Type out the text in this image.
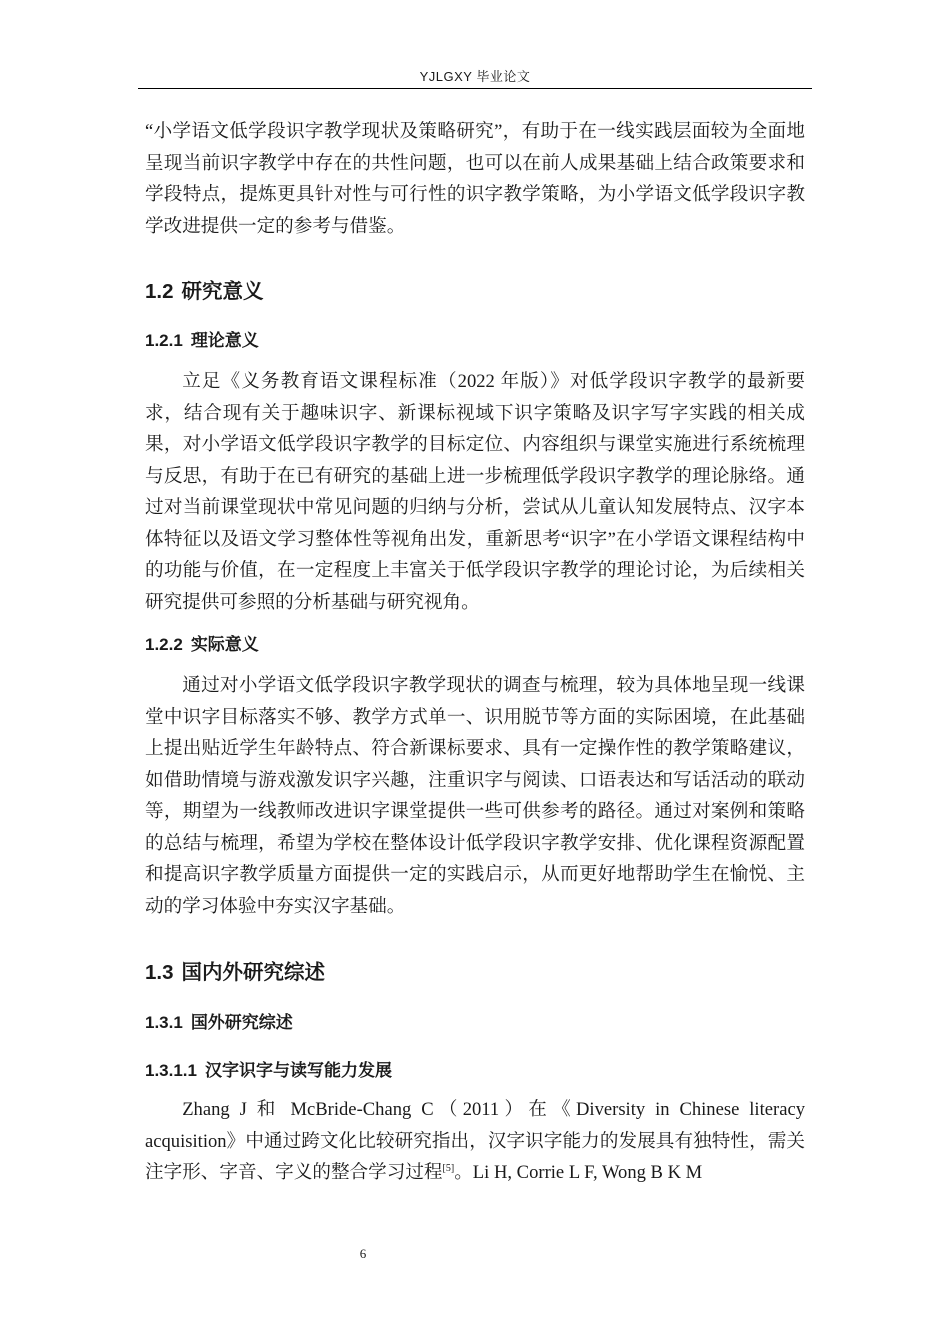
YJLGXY 毕业论文

“小学语文低学段识字教学现状及策略研究”，有助于在一线实践层面较为全面地呈现当前识字教学中存在的共性问题，也可以在前人成果基础上结合政策要求和学段特点，提炼更具针对性与可行性的识字教学策略，为小学语文低学段识字教学改进提供一定的参考与借鉴。

1.2 研究意义
1.2.1 理论意义

立足《义务教育语文课程标准（2022 年版）》对低学段识字教学的最新要求，结合现有关于趣味识字、新课标视域下识字策略及识字写字实践的相关成果，对小学语文低学段识字教学的目标定位、内容组织与课堂实施进行系统梳理与反思，有助于在已有研究的基础上进一步梳理低学段识字教学的理论脉络。通过对当前课堂现状中常见问题的归纳与分析，尝试从儿童认知发展特点、汉字本体特征以及语文学习整体性等视角出发，重新思考“识字”在小学语文课程结构中的功能与价值，在一定程度上丰富关于低学段识字教学的理论讨论，为后续相关研究提供可参照的分析基础与研究视角。

1.2.2 实际意义

通过对小学语文低学段识字教学现状的调查与梳理，较为具体地呈现一线课堂中识字目标落实不够、教学方式单一、识用脱节等方面的实际困境，在此基础上提出贴近学生年龄特点、符合新课标要求、具有一定操作性的教学策略建议，如借助情境与游戏激发识字兴趣，注重识字与阅读、口语表达和写话活动的联动等，期望为一线教师改进识字课堂提供一些可供参考的路径。通过对案例和策略的总结与梳理，希望为学校在整体设计低学段识字教学安排、优化课程资源配置和提高识字教学质量方面提供一定的实践启示，从而更好地帮助学生在愉悦、主动的学习体验中夯实汉字基础。

1.3 国内外研究综述
1.3.1 国外研究综述
1.3.1.1 汉字识字与读写能力发展

Zhang J 和 McBride-Chang C（2011）在《Diversity in Chinese literacy acquisition》中通过跨文化比较研究指出，汉字识字能力的发展具有独特性，需关注字形、字音、字义的整合学习过程[5]。Li H, Corrie L F, Wong B K M

6
